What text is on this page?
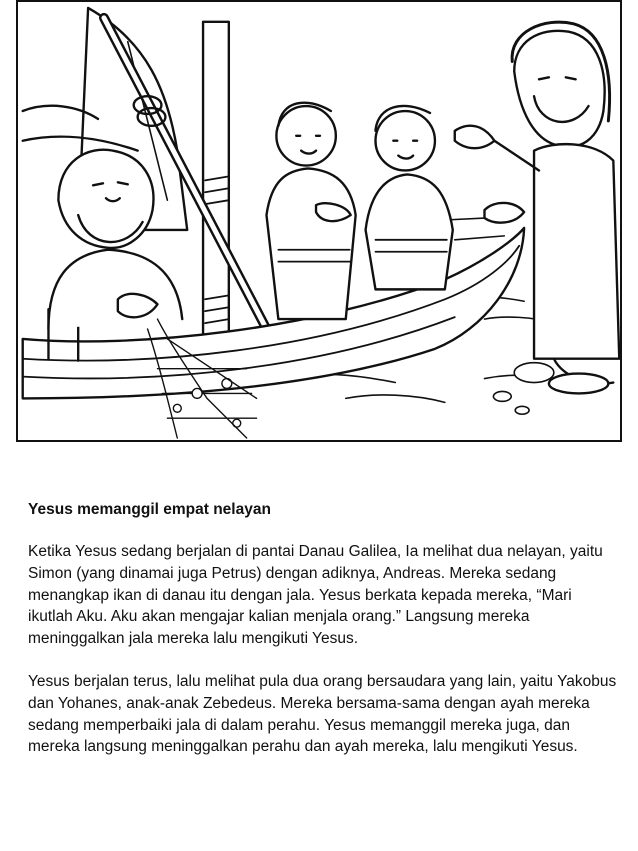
Yesus memanggil empat nelayan

Ketika Yesus sedang berjalan di pantai Danau Galilea, Ia melihat dua nelayan, yaitu Simon (yang dinamai juga Petrus) dengan adiknya, Andreas. Mereka sedang menangkap ikan di danau itu dengan jala. Yesus berkata kepada mereka, “Mari ikutlah Aku. Aku akan mengajar kalian menjala orang.” Langsung mereka meninggalkan jala mereka lalu mengikuti Yesus.

Yesus berjalan terus, lalu melihat pula dua orang bersaudara yang lain, yaitu Yakobus dan Yohanes, anak-anak Zebedeus. Mereka bersama-sama dengan ayah mereka sedang memperbaiki jala di dalam perahu. Yesus memanggil mereka juga, dan mereka langsung meninggalkan perahu dan ayah mereka, lalu mengikuti Yesus.
